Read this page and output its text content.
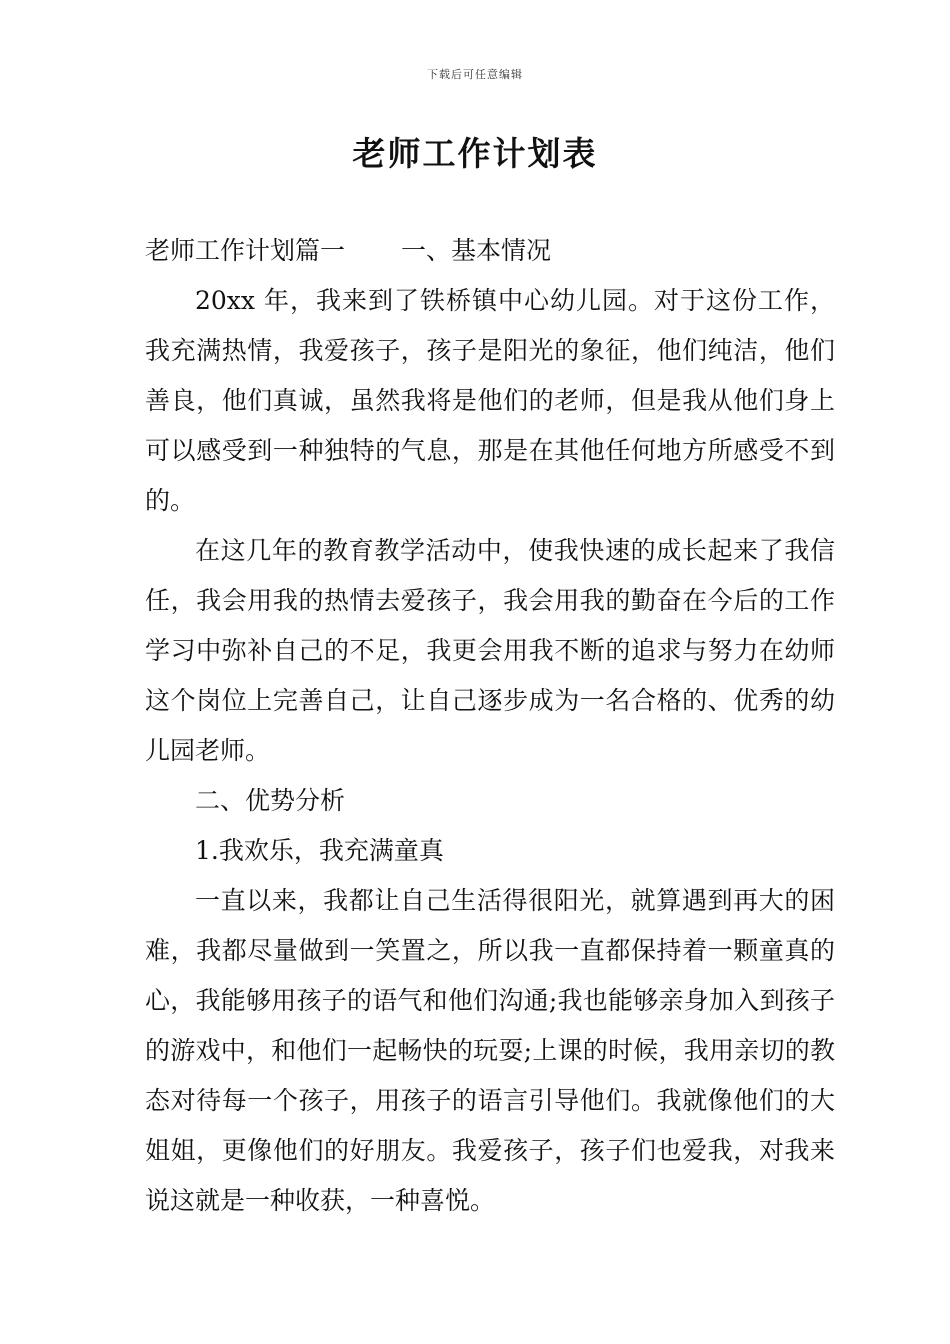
下载后可任意编辑
老师工作计划表

老师工作计划篇一 一、基本情况

20xx 年，我来到了铁桥镇中心幼儿园。对于这份工作，我充满热情，我爱孩子，孩子是阳光的象征，他们纯洁，他们善良，他们真诚，虽然我将是他们的老师，但是我从他们身上可以感受到一种独特的气息，那是在其他任何地方所感受不到的。

在这几年的教育教学活动中，使我快速的成长起来了我信任，我会用我的热情去爱孩子，我会用我的勤奋在今后的工作学习中弥补自己的不足，我更会用我不断的追求与努力在幼师这个岗位上完善自己，让自己逐步成为一名合格的、优秀的幼儿园老师。

二、优势分析

1.我欢乐，我充满童真

一直以来，我都让自己生活得很阳光，就算遇到再大的困难，我都尽量做到一笑置之，所以我一直都保持着一颗童真的心，我能够用孩子的语气和他们沟通;我也能够亲身加入到孩子的游戏中，和他们一起畅快的玩耍;上课的时候，我用亲切的教态对待每一个孩子，用孩子的语言引导他们。我就像他们的大姐姐，更像他们的好朋友。我爱孩子，孩子们也爱我，对我来说这就是一种收获，一种喜悦。
